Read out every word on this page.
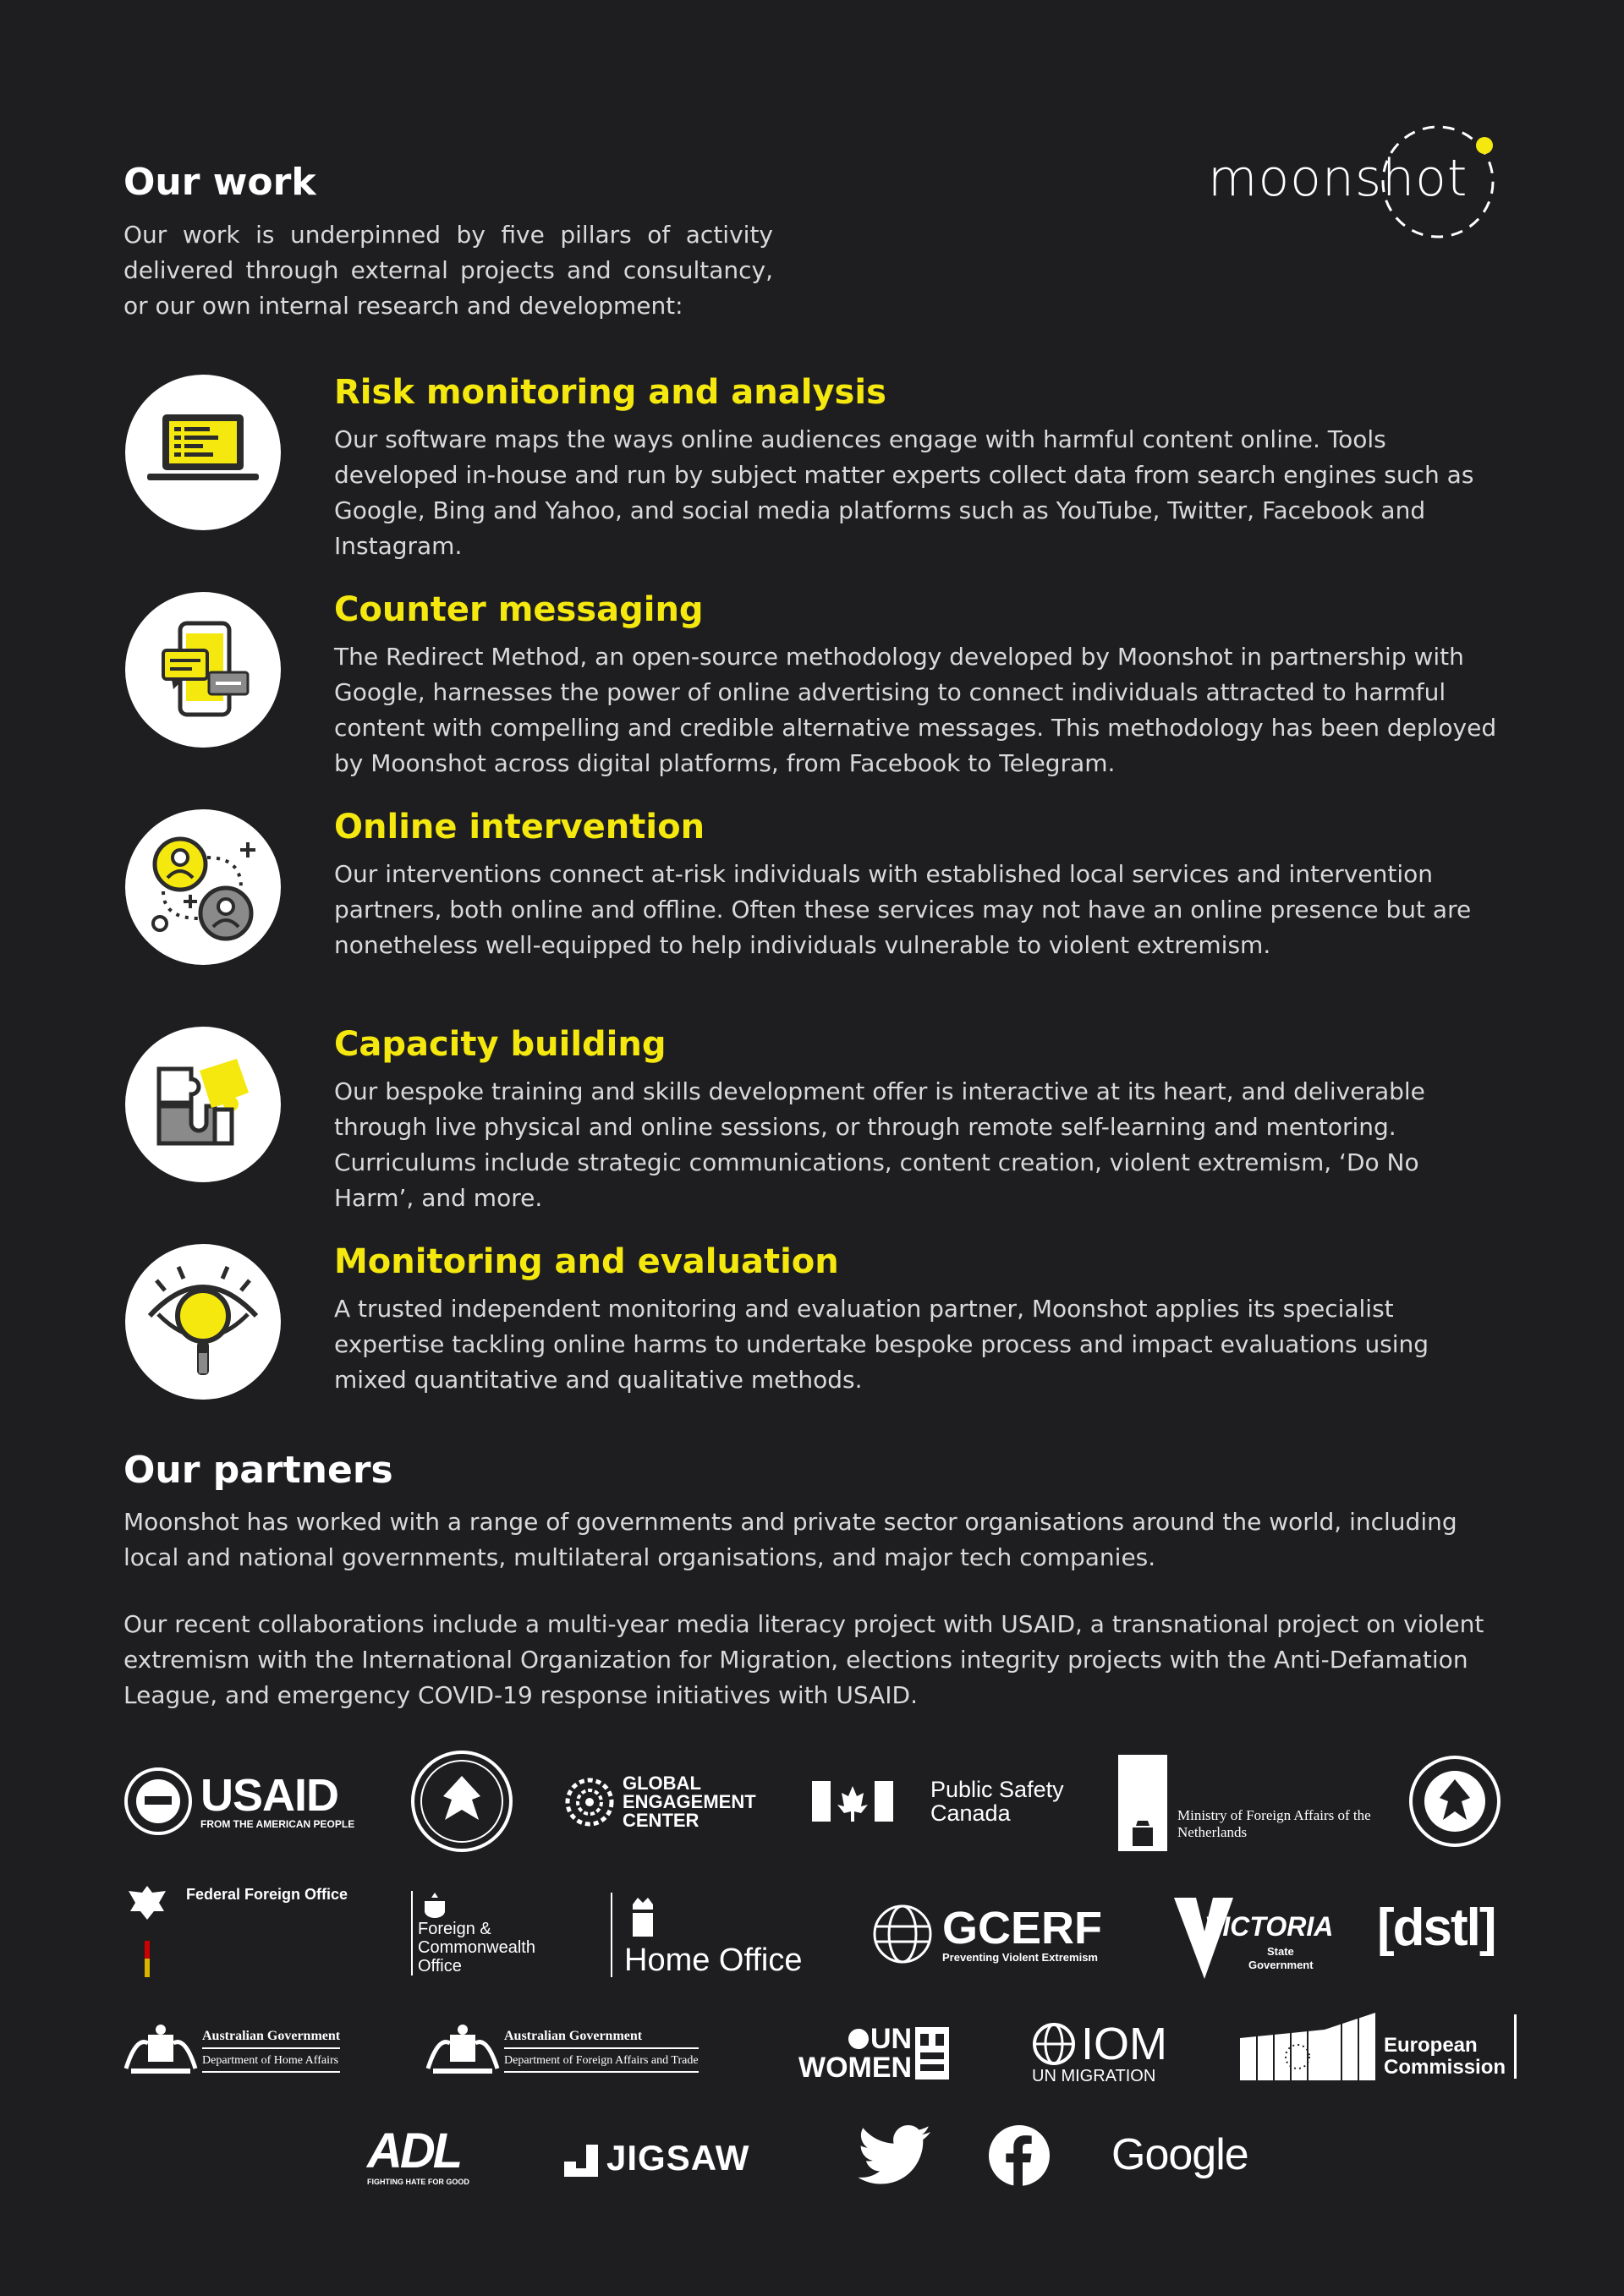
moonshot
Our work
Our work is underpinned by five pillars of activity delivered through external projects and consultancy, or our own internal research and development:
Risk monitoring and analysis
Our software maps the ways online audiences engage with harmful content online. Tools developed in-house and run by subject matter experts collect data from search engines such as Google, Bing and Yahoo, and social media platforms such as YouTube, Twitter, Facebook and Instagram.
Counter messaging
The Redirect Method, an open-source methodology developed by Moonshot in partnership with Google, harnesses the power of online advertising to connect individuals attracted to harmful content with compelling and credible alternative messages. This methodology has been deployed by Moonshot across digital platforms, from Facebook to Telegram.
Online intervention
Our interventions connect at-risk individuals with established local services and intervention partners, both online and offline. Often these services may not have an online presence but are nonetheless well-equipped to help individuals vulnerable to violent extremism.
Capacity building
Our bespoke training and skills development offer is interactive at its heart, and deliverable through live physical and online sessions, or through remote self-learning and mentoring. Curriculums include strategic communications, content creation, violent extremism, ‘Do No Harm’, and more.
Monitoring and evaluation
A trusted independent monitoring and evaluation partner, Moonshot applies its specialist expertise tackling online harms to undertake bespoke process and impact evaluations using mixed quantitative and qualitative methods.
Our partners
Moonshot has worked with a range of governments and private sector organisations around the world, including local and national governments, multilateral organisations, and major tech companies.
Our recent collaborations include a multi-year media literacy project with USAID, a transnational project on violent extremism with the International Organization for Migration, elections integrity projects with the Anti-Defamation League, and emergency COVID-19 response initiatives with USAID.
USAID
FROM THE AMERICAN PEOPLE
GLOBAL
ENGAGEMENT
CENTER
Public Safety
Canada	Ministry of Foreign Affairs of the
Netherlands
Federal Foreign Office
Foreign &
Commonwealth
Office	Home Office
GCERF
Preventing Violent Extremism
VICTORIA
State
Government
[dstl]
Australian Government
Department of Home Affairs
Australian Government
Department of Foreign Affairs and Trade
UN
WOMEN	IOM
UN MIGRATION
European
Commission
ADL
FIGHTING HATE FOR GOOD
JIGSAW	Google
